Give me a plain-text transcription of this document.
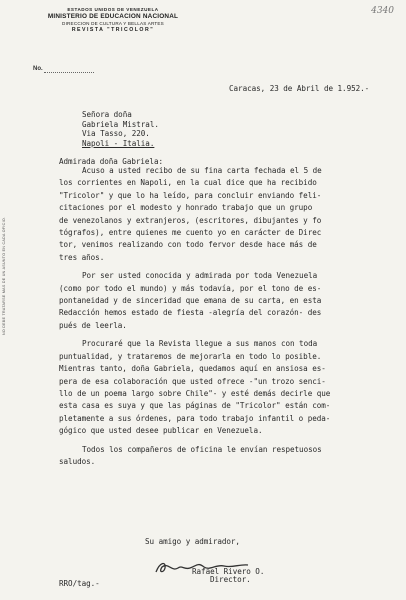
4340
ESTADOS UNIDOS DE VENEZUELA
MINISTERIO DE EDUCACION NACIONAL
DIRECCION DE CULTURA Y BELLAS ARTES
REVISTA "TRICOLOR"
No.
NO DEBE TRATARSE MAS DE UN ASUNTO EN CADA OFICIO.
Caracas, 23 de Abril de 1.952.-
Señora doña
Gabriela Mistral.
Via Tasso, 220.
Napoli - Italia.
Admirada doña Gabriela:
Acuso a usted recibo de su fina carta fechada el 5 de
los corrientes en Napoli, en la cual dice que ha recibido
"Tricolor" y que lo ha leído, para concluir enviando feli-
citaciones por el modesto y honrado trabajo que un grupo
de venezolanos y extranjeros, (escritores, dibujantes y fo
tógrafos), entre quienes me cuento yo en carácter de Direc
tor, venimos realizando con todo fervor desde hace más de
tres años.
Por ser usted conocida y admirada por toda Venezuela
(como por todo el mundo) y más todavía, por el tono de es-
pontaneidad y de sinceridad que emana de su carta, en esta
Redacción hemos estado de fiesta -alegría del corazón- des
pués de leerla.
Procuraré que la Revista llegue a sus manos con toda
puntualidad, y trataremos de mejorarla en todo lo posible.
Mientras tanto, doña Gabriela, quedamos aquí en ansiosa es-
pera de esa colaboración que usted ofrece -"un trozo senci-
llo de un poema largo sobre Chile"- y esté demás decirle que
esta casa es suya y que las páginas de "Tricolor" están com-
pletamente a sus órdenes, para todo trabajo infantil o peda-
gógico que usted desee publicar en Venezuela.
Todos los compañeros de oficina le envían respetuosos
saludos.
Su amigo y admirador,
Rafael Rivero O.
Director.
RRO/tag.-
